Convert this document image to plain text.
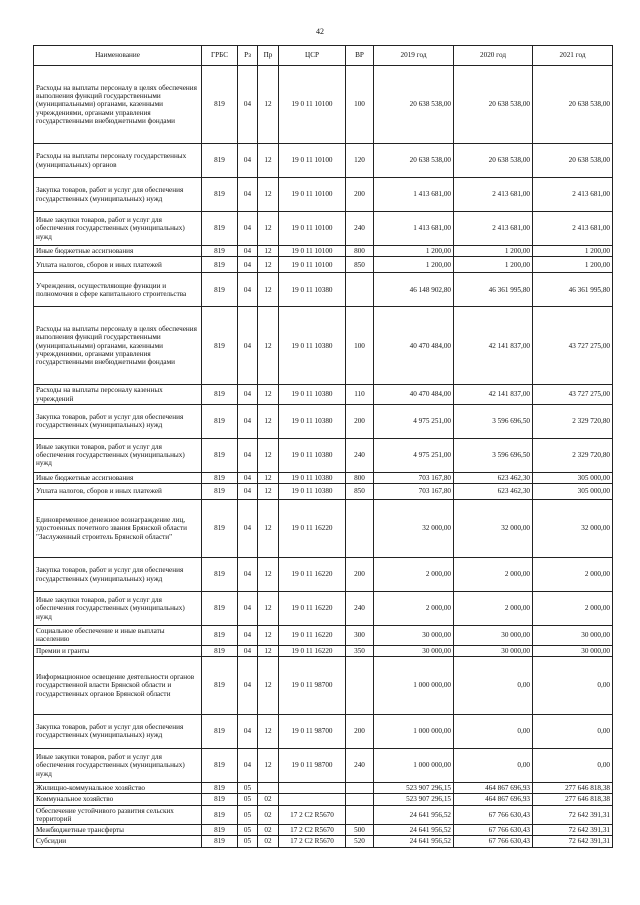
42
Наименование	ГРБС	Рз	Пр	ЦСР	ВР	2019 год	2020 год	2021 год
Расходы на выплаты персоналу в целях обеспечения выполнения функций государственными (муниципальными) органами, казенными учреждениями, органами управления государственными внебюджетными фондами	819	04	12	19 0 11 10100	100	20 638 538,00	20 638 538,00	20 638 538,00
Расходы на выплаты персоналу государственных (муниципальных) органов	819	04	12	19 0 11 10100	120	20 638 538,00	20 638 538,00	20 638 538,00
Закупка товаров, работ и услуг для обеспечения государственных (муниципальных) нужд	819	04	12	19 0 11 10100	200	1 413 681,00	2 413 681,00	2 413 681,00
Иные закупки товаров, работ и услуг для обеспечения государственных (муниципальных) нужд	819	04	12	19 0 11 10100	240	1 413 681,00	2 413 681,00	2 413 681,00
Иные бюджетные ассигнования	819	04	12	19 0 11 10100	800	1 200,00	1 200,00	1 200,00
Уплата налогов, сборов и иных платежей	819	04	12	19 0 11 10100	850	1 200,00	1 200,00	1 200,00
Учреждения, осуществляющие функции и полномочия в сфере капитального строительства	819	04	12	19 0 11 10380		46 148 902,80	46 361 995,80	46 361 995,80
Расходы на выплаты персоналу в целях обеспечения выполнения функций государственными (муниципальными) органами, казенными учреждениями, органами управления государственными внебюджетными фондами	819	04	12	19 0 11 10380	100	40 470 484,00	42 141 837,00	43 727 275,00
Расходы на выплаты персоналу казенных учреждений	819	04	12	19 0 11 10380	110	40 470 484,00	42 141 837,00	43 727 275,00
Закупка товаров, работ и услуг для обеспечения государственных (муниципальных) нужд	819	04	12	19 0 11 10380	200	4 975 251,00	3 596 696,50	2 329 720,80
Иные закупки товаров, работ и услуг для обеспечения государственных (муниципальных) нужд	819	04	12	19 0 11 10380	240	4 975 251,00	3 596 696,50	2 329 720,80
Иные бюджетные ассигнования	819	04	12	19 0 11 10380	800	703 167,80	623 462,30	305 000,00
Уплата налогов, сборов и иных платежей	819	04	12	19 0 11 10380	850	703 167,80	623 462,30	305 000,00
Единовременное денежное вознаграждение лиц, удостоенных почетного звания Брянской области "Заслуженный строитель Брянской области"	819	04	12	19 0 11 16220		32 000,00	32 000,00	32 000,00
Закупка товаров, работ и услуг для обеспечения государственных (муниципальных) нужд	819	04	12	19 0 11 16220	200	2 000,00	2 000,00	2 000,00
Иные закупки товаров, работ и услуг для обеспечения государственных (муниципальных) нужд	819	04	12	19 0 11 16220	240	2 000,00	2 000,00	2 000,00
Социальное обеспечение и иные выплаты населению	819	04	12	19 0 11 16220	300	30 000,00	30 000,00	30 000,00
Премии и гранты	819	04	12	19 0 11 16220	350	30 000,00	30 000,00	30 000,00
Информационное освещение деятельности органов государственной власти Брянской области и государственных органов Брянской области	819	04	12	19 0 11 98700		1 000 000,00	0,00	0,00
Закупка товаров, работ и услуг для обеспечения государственных (муниципальных) нужд	819	04	12	19 0 11 98700	200	1 000 000,00	0,00	0,00
Иные закупки товаров, работ и услуг для обеспечения государственных (муниципальных) нужд	819	04	12	19 0 11 98700	240	1 000 000,00	0,00	0,00
Жилищно-коммунальное хозяйство	819	05				523 907 296,15	464 867 696,93	277 646 818,38
Коммунальное хозяйство	819	05	02			523 907 296,15	464 867 696,93	277 646 818,38
Обеспечение устойчивого развития сельских территорий	819	05	02	17 2 C2 R5670		24 641 956,52	67 766 630,43	72 642 391,31
Межбюджетные трансферты	819	05	02	17 2 C2 R5670	500	24 641 956,52	67 766 630,43	72 642 391,31
Субсидии	819	05	02	17 2 C2 R5670	520	24 641 956,52	67 766 630,43	72 642 391,31
